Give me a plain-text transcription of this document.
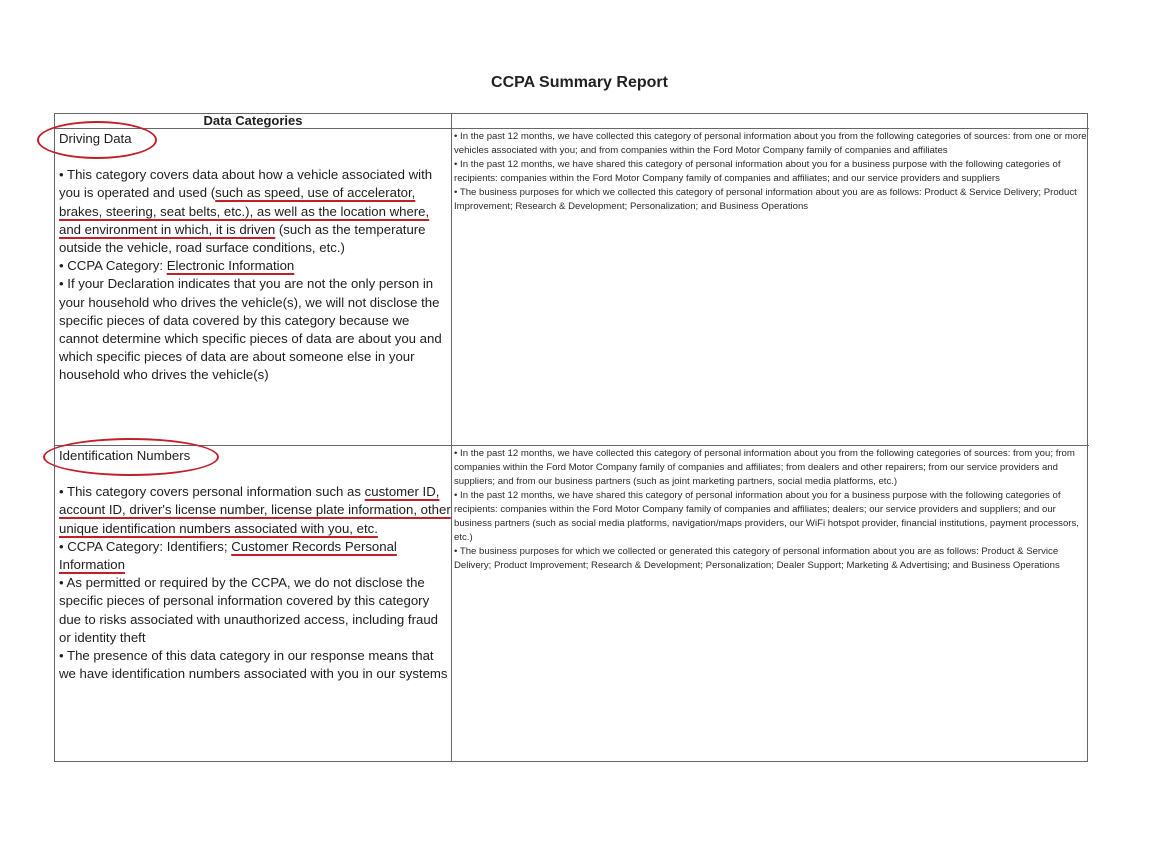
CCPA Summary Report
Data Categories

Driving Data

• This category covers data about how a vehicle associated with you is operated and used (such as speed, use of accelerator, brakes, steering, seat belts, etc.), as well as the location where, and environment in which, it is driven (such as the temperature outside the vehicle, road surface conditions, etc.)

• CCPA Category: Electronic Information

• If your Declaration indicates that you are not the only person in your household who drives the vehicle(s), we will not disclose the specific pieces of data covered by this category because we cannot determine which specific pieces of data are about you and which specific pieces of data are about someone else in your household who drives the vehicle(s)

• In the past 12 months, we have collected this category of personal information about you from the following categories of sources: from one or more vehicles associated with you; and from companies within the Ford Motor Company family of companies and affiliates

• In the past 12 months, we have shared this category of personal information about you for a business purpose with the following categories of recipients: companies within the Ford Motor Company family of companies and affiliates; and our service providers and suppliers

• The business purposes for which we collected this category of personal information about you are as follows: Product & Service Delivery; Product Improvement; Research & Development; Personalization; and Business Operations

Identification Numbers

• This category covers personal information such as customer ID, account ID, driver's license number, license plate information, other unique identification numbers associated with you, etc.

• CCPA Category: Identifiers; Customer Records Personal Information

• As permitted or required by the CCPA, we do not disclose the specific pieces of personal information covered by this category due to risks associated with unauthorized access, including fraud or identity theft

• The presence of this data category in our response means that we have identification numbers associated with you in our systems

• In the past 12 months, we have collected this category of personal information about you from the following categories of sources: from you; from companies within the Ford Motor Company family of companies and affiliates; from dealers and other repairers; from our service providers and suppliers; and from our business partners (such as joint marketing partners, social media platforms, etc.)

• In the past 12 months, we have shared this category of personal information about you for a business purpose with the following categories of recipients: companies within the Ford Motor Company family of companies and affiliates; dealers; our service providers and suppliers; and our business partners (such as social media platforms, navigation/maps providers, our WiFi hotspot provider, financial institutions, payment processors, etc.)

• The business purposes for which we collected or generated this category of personal information about you are as follows: Product & Service Delivery; Product Improvement; Research & Development; Personalization; Dealer Support; Marketing & Advertising; and Business Operations
